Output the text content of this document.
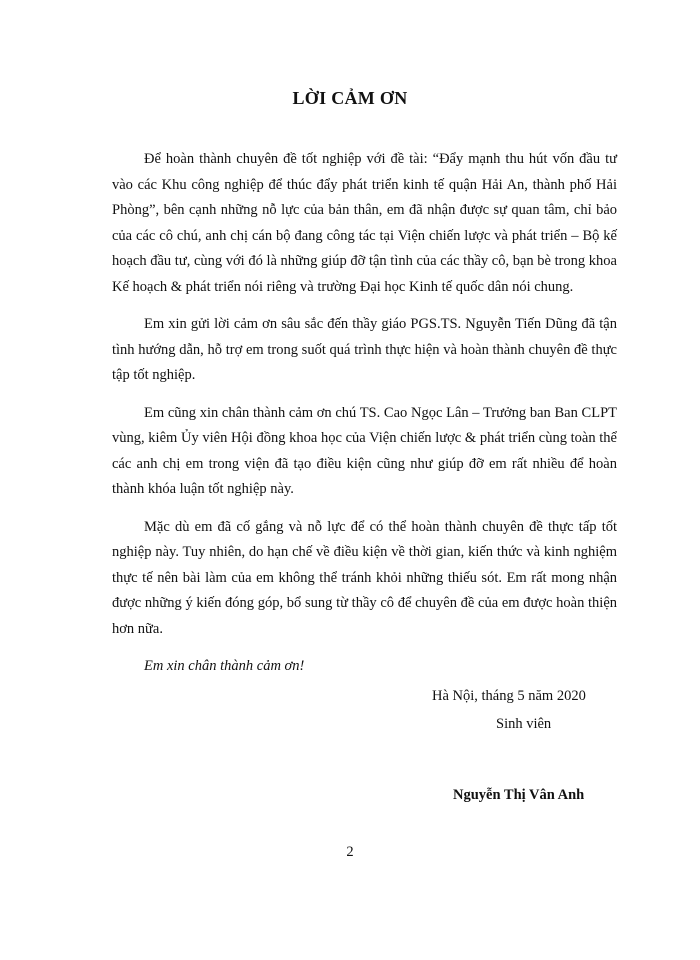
LỜI CẢM ƠN

Để hoàn thành chuyên đề tốt nghiệp với đề tài: “Đẩy mạnh thu hút vốn đầu tư vào các Khu công nghiệp để thúc đẩy phát triển kinh tế quận Hải An, thành phố Hải Phòng”, bên cạnh những nỗ lực của bản thân, em đã nhận được sự quan tâm, chỉ bảo của các cô chú, anh chị cán bộ đang công tác tại Viện chiến lược và phát triển – Bộ kế hoạch đầu tư, cùng với đó là những giúp đỡ tận tình của các thầy cô, bạn bè trong khoa Kế hoạch & phát triển nói riêng và trường Đại học Kinh tế quốc dân nói chung.

Em xin gửi lời cảm ơn sâu sắc đến thầy giáo PGS.TS. Nguyễn Tiến Dũng đã tận tình hướng dẫn, hỗ trợ em trong suốt quá trình thực hiện và hoàn thành chuyên đề thực tập tốt nghiệp.

Em cũng xin chân thành cảm ơn chú TS. Cao Ngọc Lân – Trưởng ban Ban CLPT vùng, kiêm Ủy viên Hội đồng khoa học của Viện chiến lược & phát triển cùng toàn thể các anh chị em trong viện đã tạo điều kiện cũng như giúp đỡ em rất nhiều để hoàn thành khóa luận tốt nghiệp này.

Mặc dù em đã cố gắng và nỗ lực để có thể hoàn thành chuyên đề thực tấp tốt nghiệp này. Tuy nhiên, do hạn chế về điều kiện về thời gian, kiến thức và kinh nghiệm thực tế nên bài làm của em không thể tránh khỏi những thiếu sót. Em rất mong nhận được những ý kiến đóng góp, bổ sung từ thầy cô để chuyên đề của em được hoàn thiện hơn nữa.

Em xin chân thành cảm ơn!

Hà Nội, tháng 5 năm 2020

Sinh viên

Nguyễn Thị Vân Anh

2
